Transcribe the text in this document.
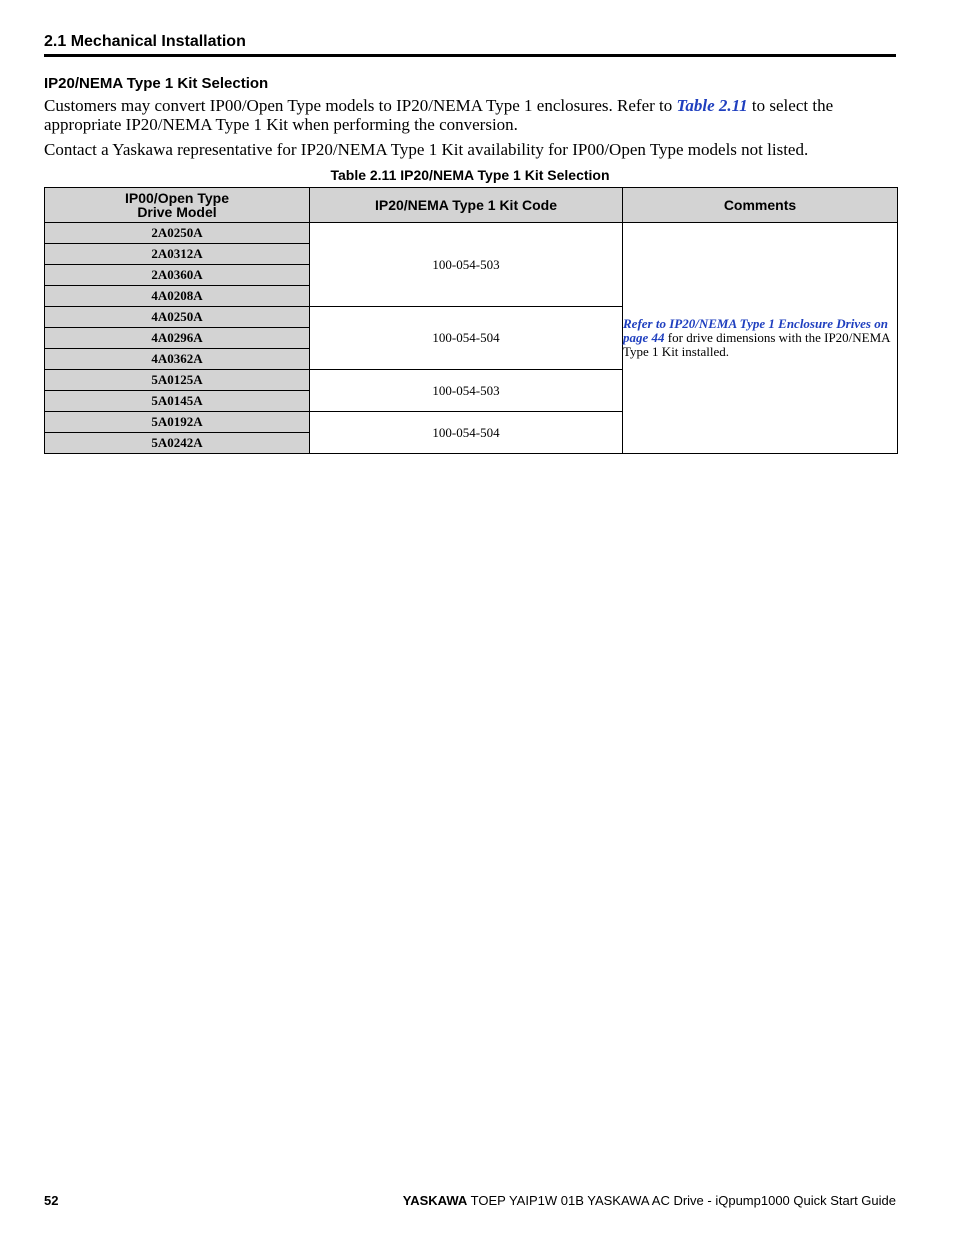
2.1 Mechanical Installation
IP20/NEMA Type 1 Kit Selection
Customers may convert IP00/Open Type models to IP20/NEMA Type 1 enclosures. Refer to Table 2.11 to select the appropriate IP20/NEMA Type 1 Kit when performing the conversion.
Contact a Yaskawa representative for IP20/NEMA Type 1 Kit availability for IP00/Open Type models not listed.
Table 2.11 IP20/NEMA Type 1 Kit Selection
IP00/Open Type
Drive Model	IP20/NEMA Type 1 Kit Code	Comments
2A0250A	100-054-503	Refer to IP20/NEMA Type 1 Enclosure Drives on page 44 for drive dimensions with the IP20/NEMA Type 1 Kit installed.
2A0312A		
2A0360A		
4A0208A		
4A0250A	100-054-504	
4A0296A		
4A0362A		
5A0125A	100-054-503	
5A0145A		
5A0192A	100-054-504	
5A0242A		
52	YASKAWA TOEP YAIP1W 01B YASKAWA AC Drive - iQpump1000 Quick Start Guide
